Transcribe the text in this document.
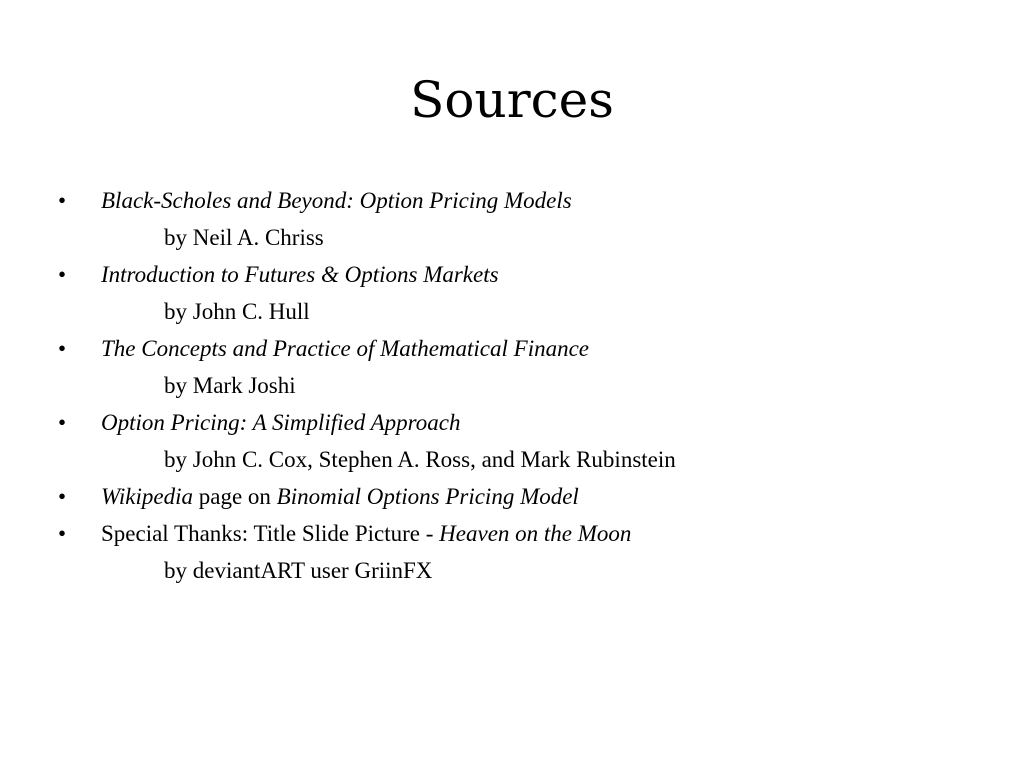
Sources
•	Black-Scholes and Beyond: Option Pricing Models
by Neil A. Chriss
•	Introduction to Futures & Options Markets
by John C. Hull
•	The Concepts and Practice of Mathematical Finance
by Mark Joshi
•	Option Pricing: A Simplified Approach
by John C. Cox, Stephen A. Ross, and Mark Rubinstein
•	Wikipedia page on Binomial Options Pricing Model
•	Special Thanks: Title Slide Picture - Heaven on the Moon
by deviantART user GriinFX
